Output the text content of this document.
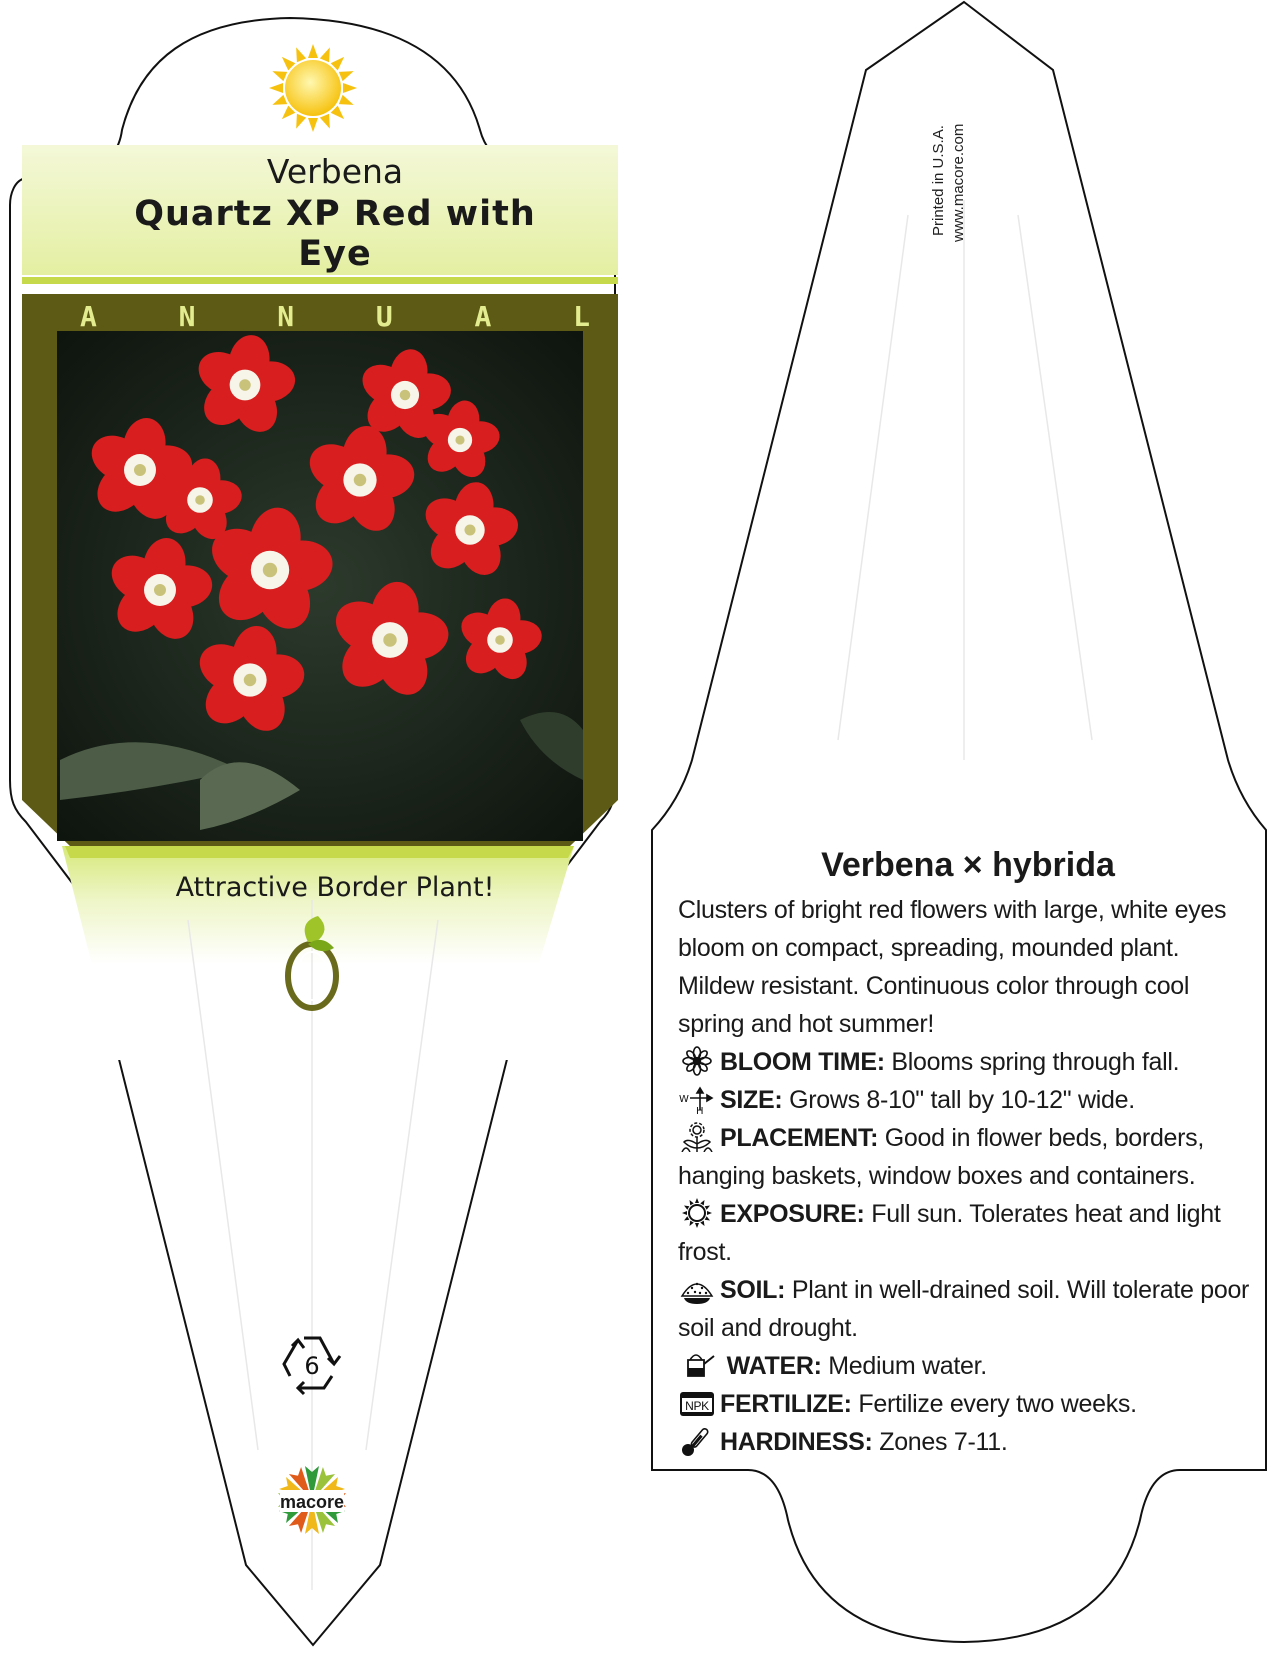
6
macore
Verbena
Quartz XP Red with
Eye
A	N	N	U	A	L
Attractive Border Plant!
Printed in U.S.A. www.macore.com
Verbena × hybrida

Clusters of bright red flowers with large, white eyes bloom on compact, spreading, mounded plant. Mildew resistant. Continuous color through cool spring and hot summer!

BLOOM TIME: Blooms spring through fall.
W
H SIZE: Grows 8-10" tall by 10-12" wide.
PLACEMENT: Good in flower beds, borders, hanging baskets, window boxes and containers.
EXPOSURE: Full sun. Tolerates heat and light frost.
SOIL: Plant in well-drained soil. Will tolerate poor soil and drought.
WATER: Medium water.
NPK FERTILIZE: Fertilize every two weeks.
HARDINESS: Zones 7-11.
